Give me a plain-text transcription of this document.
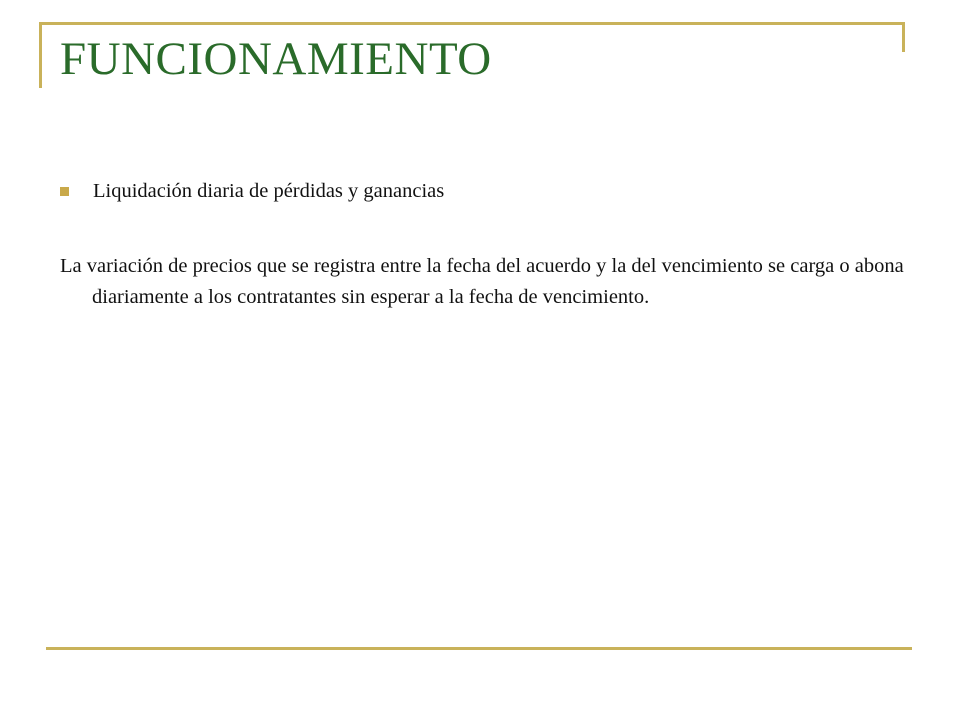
FUNCIONAMIENTO
Liquidación diaria de pérdidas y ganancias

La variación de precios que se registra entre la fecha del acuerdo y la del vencimiento se carga o abona diariamente a los contratantes sin esperar a la fecha de vencimiento.
